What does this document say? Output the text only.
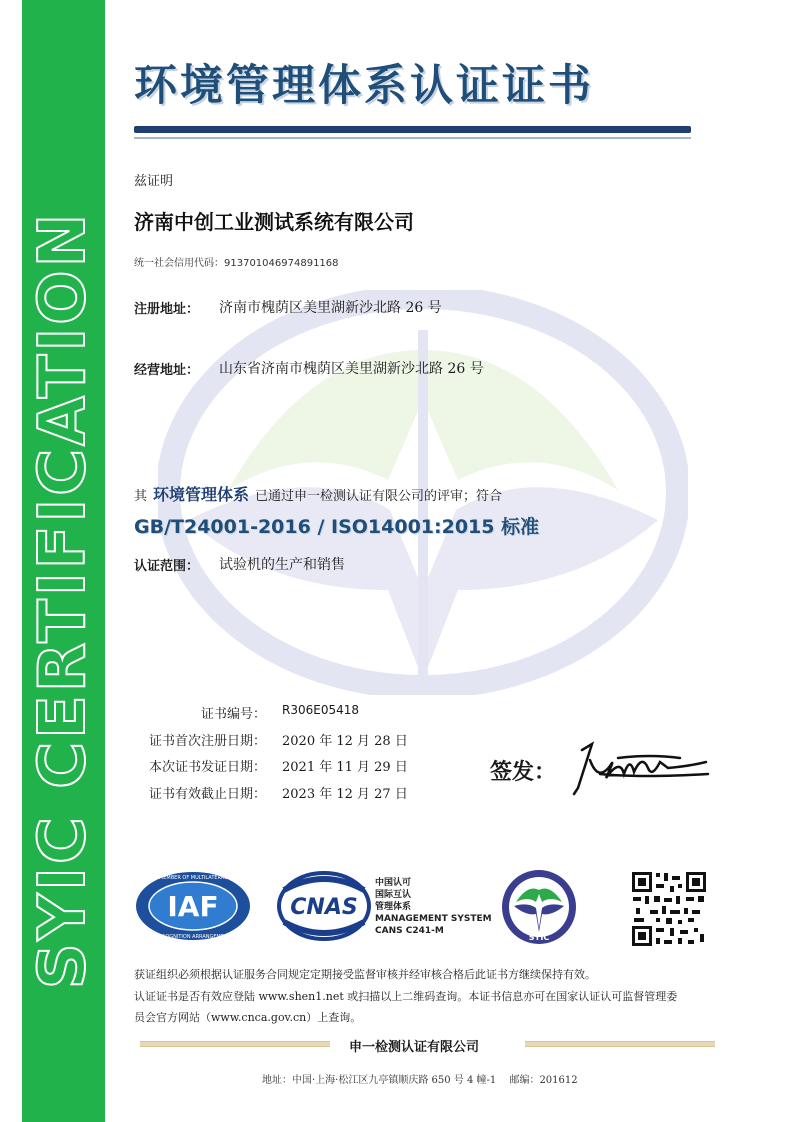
SYIC CERTIFICATION
环境管理体系认证证书
兹证明
济南中创工业测试系统有限公司
统一社会信用代码：913701046974891168
注册地址： 济南市槐荫区美里湖新沙北路 26 号
经营地址： 山东省济南市槐荫区美里湖新沙北路 26 号
其 环境管理体系 已通过申一检测认证有限公司的评审；符合
GB/T24001-2016 / ISO14001:2015 标准
认证范围： 试验机的生产和销售
证书编号： R306E05418
证书首次注册日期： 2020 年 12 月 28 日
本次证书发证日期： 2021 年 11 月 29 日
证书有效截止日期： 2023 年 12 月 27 日
签发：
IAF
MEMBER OF MULTILATERAL
RECOGNITION ARRANGEMENT
CNAS
中国认可
国际互认
管理体系
MANAGEMENT SYSTEM
CANS C241-M
SYIC
获证组织必须根据认证服务合同规定定期接受监督审核并经审核合格后此证书方继续保持有效。
认证证书是否有效应登陆 www.shen1.net 或扫描以上二维码查询。本证书信息亦可在国家认证认可监督管理委
员会官方网站（www.cnca.gov.cn）上查询。
申一检测认证有限公司
地址：中国·上海·松江区九亭镇顺庆路 650 号 4 幢-1　 邮编：201612
